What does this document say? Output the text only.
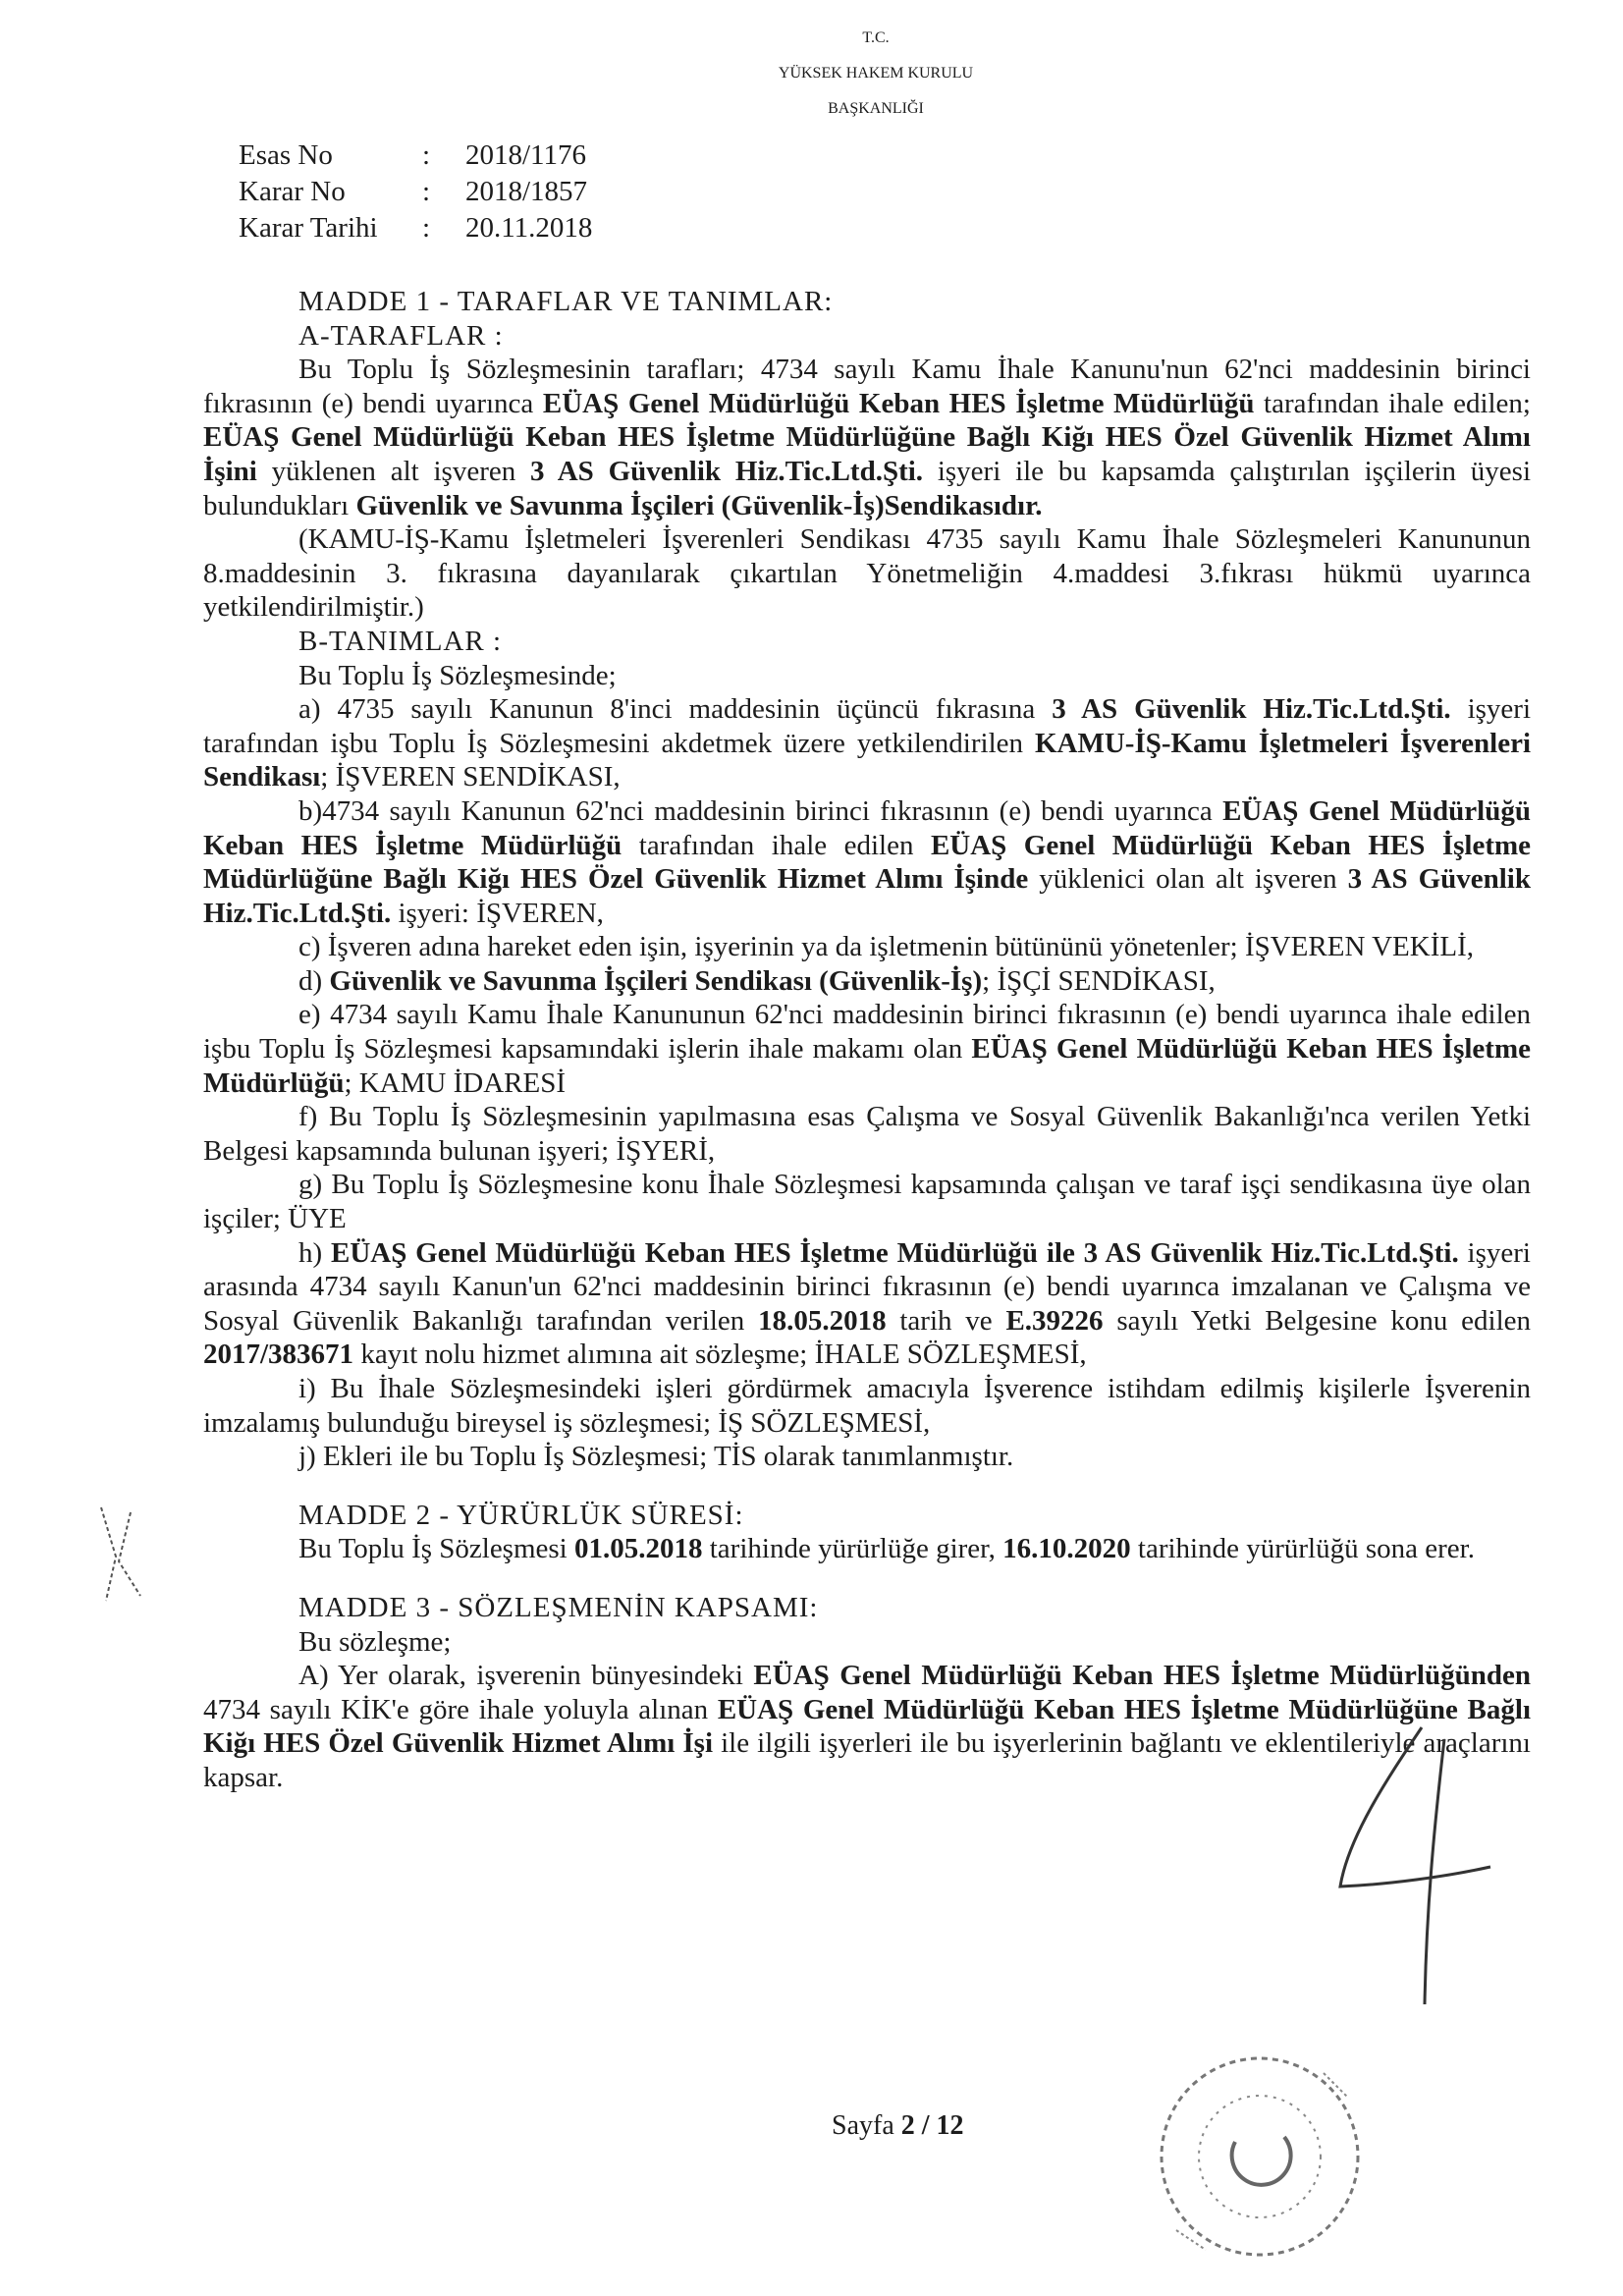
T.C.
YÜKSEK HAKEM KURULU
BAŞKANLIĞI
Esas No	:	2018/1176
Karar No	:	2018/1857
Karar Tarihi	:	20.11.2018

MADDE 1 - TARAFLAR VE TANIMLAR:

A-TARAFLAR :

Bu Toplu İş Sözleşmesinin tarafları; 4734 sayılı Kamu İhale Kanunu'nun 62'nci maddesinin birinci fıkrasının (e) bendi uyarınca EÜAŞ Genel Müdürlüğü Keban HES İşletme Müdürlüğü tarafından ihale edilen; EÜAŞ Genel Müdürlüğü Keban HES İşletme Müdürlüğüne Bağlı Kiğı HES Özel Güvenlik Hizmet Alımı İşini yüklenen alt işveren 3 AS Güvenlik Hiz.Tic.Ltd.Şti. işyeri ile bu kapsamda çalıştırılan işçilerin üyesi bulundukları Güvenlik ve Savunma İşçileri (Güvenlik-İş)Sendikasıdır.

(KAMU-İŞ-Kamu İşletmeleri İşverenleri Sendikası 4735 sayılı Kamu İhale Sözleşmeleri Kanununun 8.maddesinin 3. fıkrasına dayanılarak çıkartılan Yönetmeliğin 4.maddesi 3.fıkrası hükmü uyarınca yetkilendirilmiştir.)

B-TANIMLAR :

Bu Toplu İş Sözleşmesinde;

a) 4735 sayılı Kanunun 8'inci maddesinin üçüncü fıkrasına 3 AS Güvenlik Hiz.Tic.Ltd.Şti. işyeri tarafından işbu Toplu İş Sözleşmesini akdetmek üzere yetkilendirilen KAMU-İŞ-Kamu İşletmeleri İşverenleri Sendikası; İŞVEREN SENDİKASI,

b)4734 sayılı Kanunun 62'nci maddesinin birinci fıkrasının (e) bendi uyarınca EÜAŞ Genel Müdürlüğü Keban HES İşletme Müdürlüğü tarafından ihale edilen EÜAŞ Genel Müdürlüğü Keban HES İşletme Müdürlüğüne Bağlı Kiğı HES Özel Güvenlik Hizmet Alımı İşinde yüklenici olan alt işveren 3 AS Güvenlik Hiz.Tic.Ltd.Şti. işyeri: İŞVEREN,

c) İşveren adına hareket eden işin, işyerinin ya da işletmenin bütününü yönetenler; İŞVEREN VEKİLİ,

d) Güvenlik ve Savunma İşçileri Sendikası (Güvenlik-İş); İŞÇİ SENDİKASI,

e) 4734 sayılı Kamu İhale Kanununun 62'nci maddesinin birinci fıkrasının (e) bendi uyarınca ihale edilen işbu Toplu İş Sözleşmesi kapsamındaki işlerin ihale makamı olan EÜAŞ Genel Müdürlüğü Keban HES İşletme Müdürlüğü; KAMU İDARESİ

f) Bu Toplu İş Sözleşmesinin yapılmasına esas Çalışma ve Sosyal Güvenlik Bakanlığı'nca verilen Yetki Belgesi kapsamında bulunan işyeri; İŞYERİ,

g) Bu Toplu İş Sözleşmesine konu İhale Sözleşmesi kapsamında çalışan ve taraf işçi sendikasına üye olan işçiler; ÜYE

h) EÜAŞ Genel Müdürlüğü Keban HES İşletme Müdürlüğü ile 3 AS Güvenlik Hiz.Tic.Ltd.Şti. işyeri arasında 4734 sayılı Kanun'un 62'nci maddesinin birinci fıkrasının (e) bendi uyarınca imzalanan ve Çalışma ve Sosyal Güvenlik Bakanlığı tarafından verilen 18.05.2018 tarih ve E.39226 sayılı Yetki Belgesine konu edilen 2017/383671 kayıt nolu hizmet alımına ait sözleşme; İHALE SÖZLEŞMESİ,

i) Bu İhale Sözleşmesindeki işleri gördürmek amacıyla İşverence istihdam edilmiş kişilerle İşverenin imzalamış bulunduğu bireysel iş sözleşmesi; İŞ SÖZLEŞMESİ,

j) Ekleri ile bu Toplu İş Sözleşmesi; TİS olarak tanımlanmıştır.

MADDE 2 - YÜRÜRLÜK SÜRESİ:

Bu Toplu İş Sözleşmesi 01.05.2018 tarihinde yürürlüğe girer, 16.10.2020 tarihinde yürürlüğü sona erer.

MADDE 3 - SÖZLEŞMENİN KAPSAMI:

Bu sözleşme;

A) Yer olarak, işverenin bünyesindeki EÜAŞ Genel Müdürlüğü Keban HES İşletme Müdürlüğünden 4734 sayılı KİK'e göre ihale yoluyla alınan EÜAŞ Genel Müdürlüğü Keban HES İşletme Müdürlüğüne Bağlı Kiğı HES Özel Güvenlik Hizmet Alımı İşi ile ilgili işyerleri ile bu işyerlerinin bağlantı ve eklentileriyle araçlarını kapsar.

Sayfa 2 / 12
